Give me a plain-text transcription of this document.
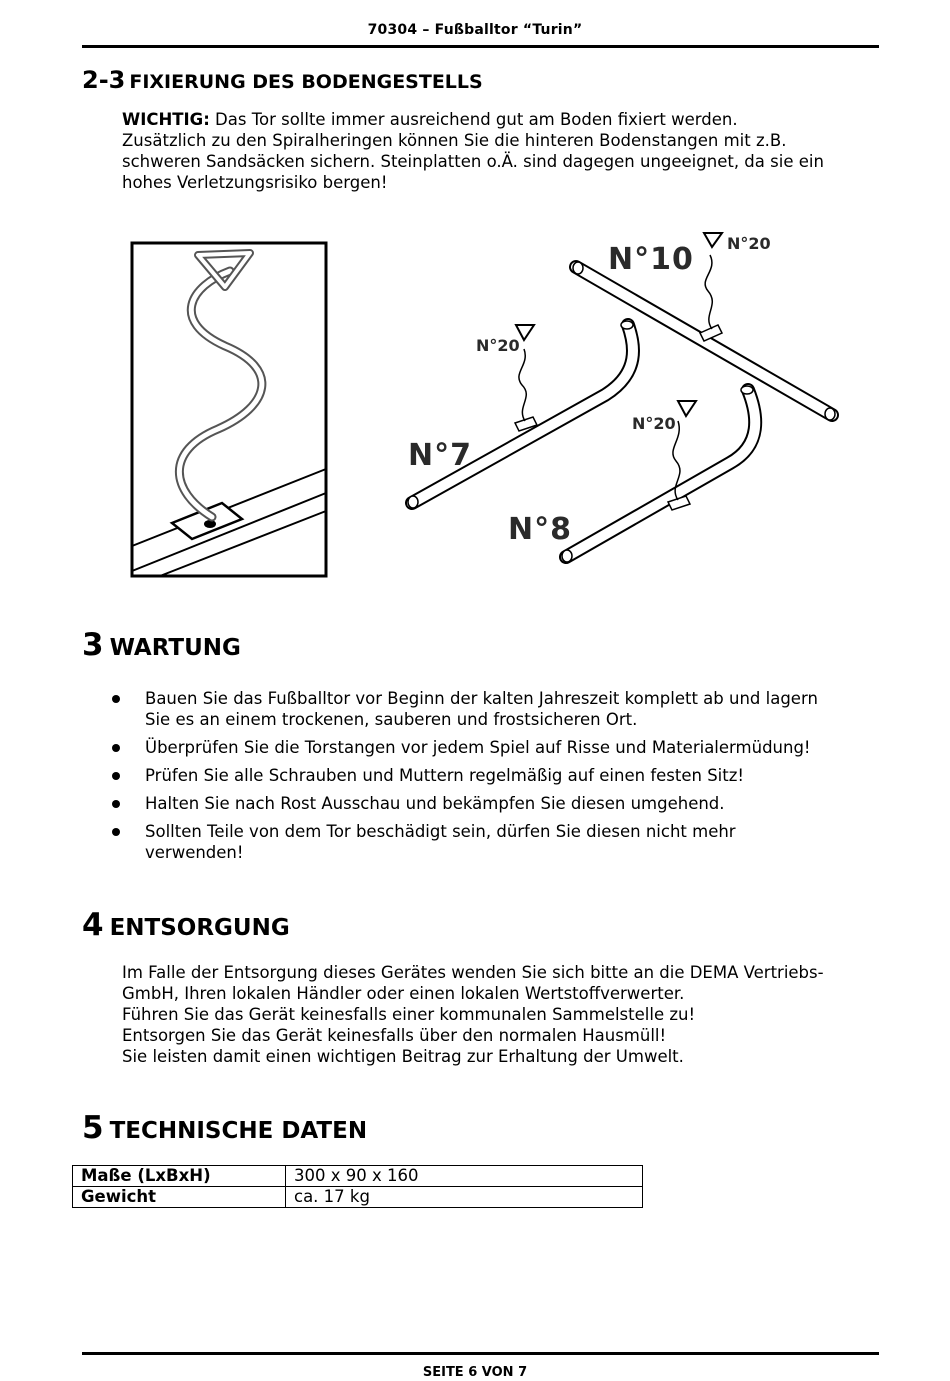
70304 – Fußballtor “Turin”
2-3 FIXIERUNG DES BODENGESTELLS
WICHTIG: Das Tor sollte immer ausreichend gut am Boden fixiert werden.
Zusätzlich zu den Spiralheringen können Sie die hinteren Bodenstangen mit z.B.
schweren Sandsäcken sichern. Steinplatten o.Ä. sind dagegen ungeeignet, da sie ein
hohes Verletzungsrisiko bergen!
N°10 N°20
N°20
N°20
N°7
N°8
3 WARTUNG
Bauen Sie das Fußballtor vor Beginn der kalten Jahreszeit komplett ab und lagern
Sie es an einem trockenen, sauberen und frostsicheren Ort.
Überprüfen Sie die Torstangen vor jedem Spiel auf Risse und Materialermüdung!
Prüfen Sie alle Schrauben und Muttern regelmäßig auf einen festen Sitz!
Halten Sie nach Rost Ausschau und bekämpfen Sie diesen umgehend.
Sollten Teile von dem Tor beschädigt sein, dürfen Sie diesen nicht mehr
verwenden!
4 ENTSORGUNG
Im Falle der Entsorgung dieses Gerätes wenden Sie sich bitte an die DEMA Vertriebs-
GmbH, Ihren lokalen Händler oder einen lokalen Wertstoffverwerter.
Führen Sie das Gerät keinesfalls einer kommunalen Sammelstelle zu!
Entsorgen Sie das Gerät keinesfalls über den normalen Hausmüll!
Sie leisten damit einen wichtigen Beitrag zur Erhaltung der Umwelt.
5 TECHNISCHE DATEN
Maße (LxBxH)	300 x 90 x 160
Gewicht	ca. 17 kg
SEITE 6 VON 7
